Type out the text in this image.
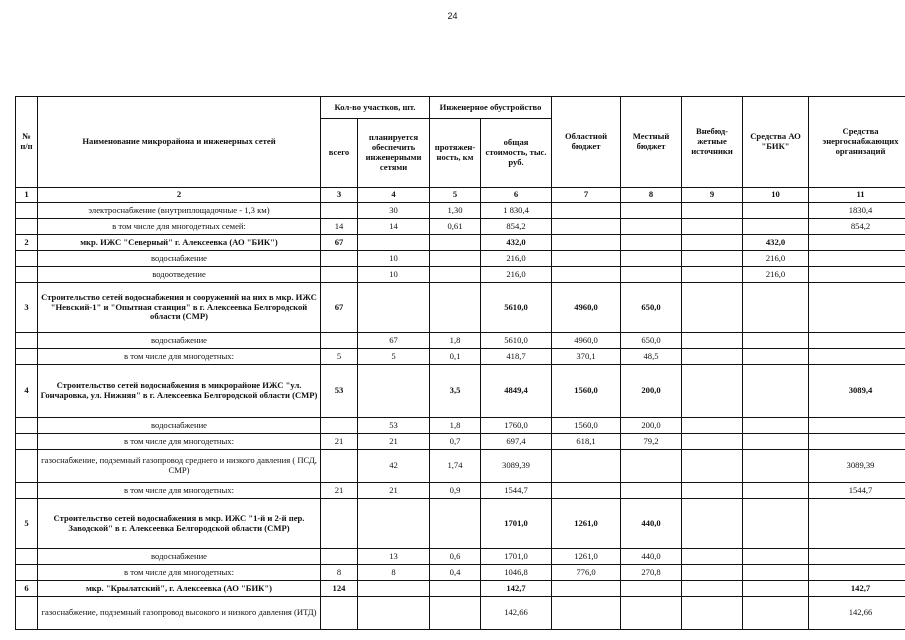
24
№ п/п	Наименование микрорайона и инженерных сетей	Кол-во участков, шт.		Инженерное обустройство		Областной бюджет	Местный бюджет	Внебюд-жетные источники	Средства АО "БИК"	Средства энергоснабжающих организаций
		всего	планируется обеспечить инженерными сетями	протяжен-ность, км	общая стоимость, тыс. руб.					
1	2	3	4	5	6	7	8	9	10	11
	электроснабжение (внутриплощадочные - 1,3 км)		30	1,30	1 830,4					1830,4
	в том числе для многодетных семей:	14	14	0,61	854,2					854,2
2	мкр. ИЖС "Северный" г. Алексеевка (АО "БИК")	67			432,0				432,0	
	водоснабжение		10		216,0				216,0	
	водоотведение		10		216,0				216,0	
3	Строительство сетей водоснабжения и сооружений на них в мкр. ИЖС "Невский-1" и "Опытная станция" в г. Алексеевка Белгородской области (СМР)	67			5610,0	4960,0	650,0			
	водоснабжение		67	1,8	5610,0	4960,0	650,0			
	в том числе для многодетных:	5	5	0,1	418,7	370,1	48,5			
4	Строительство сетей водоснабжения в микрорайоне ИЖС "ул. Гончаровка, ул. Нижняя" в г. Алексеевка Белгородской области (СМР)	53		3,5	4849,4	1560,0	200,0			3089,4
	водоснабжение		53	1,8	1760,0	1560,0	200,0			
	в том числе для многодетных:	21	21	0,7	697,4	618,1	79,2			
	газоснабжение, подземный газопровод среднего и низкого давления ( ПСД, СМР)		42	1,74	3089,39					3089,39
	в том числе для многодетных:	21	21	0,9	1544,7					1544,7
5	Строительство сетей водоснабжения в мкр. ИЖС "1-й и 2-й пер. Заводской" в г. Алексеевка Белгородской области (СМР)				1701,0	1261,0	440,0			
	водоснабжение		13	0,6	1701,0	1261,0	440,0			
	в том числе для многодетных:	8	8	0,4	1046,8	776,0	270,8			
6	мкр. "Крылатский", г. Алексеевка (АО "БИК")	124			142,7					142,7
	газоснабжение, подземный газопровод высокого и низкого давления (ИТД)				142,66					142,66
